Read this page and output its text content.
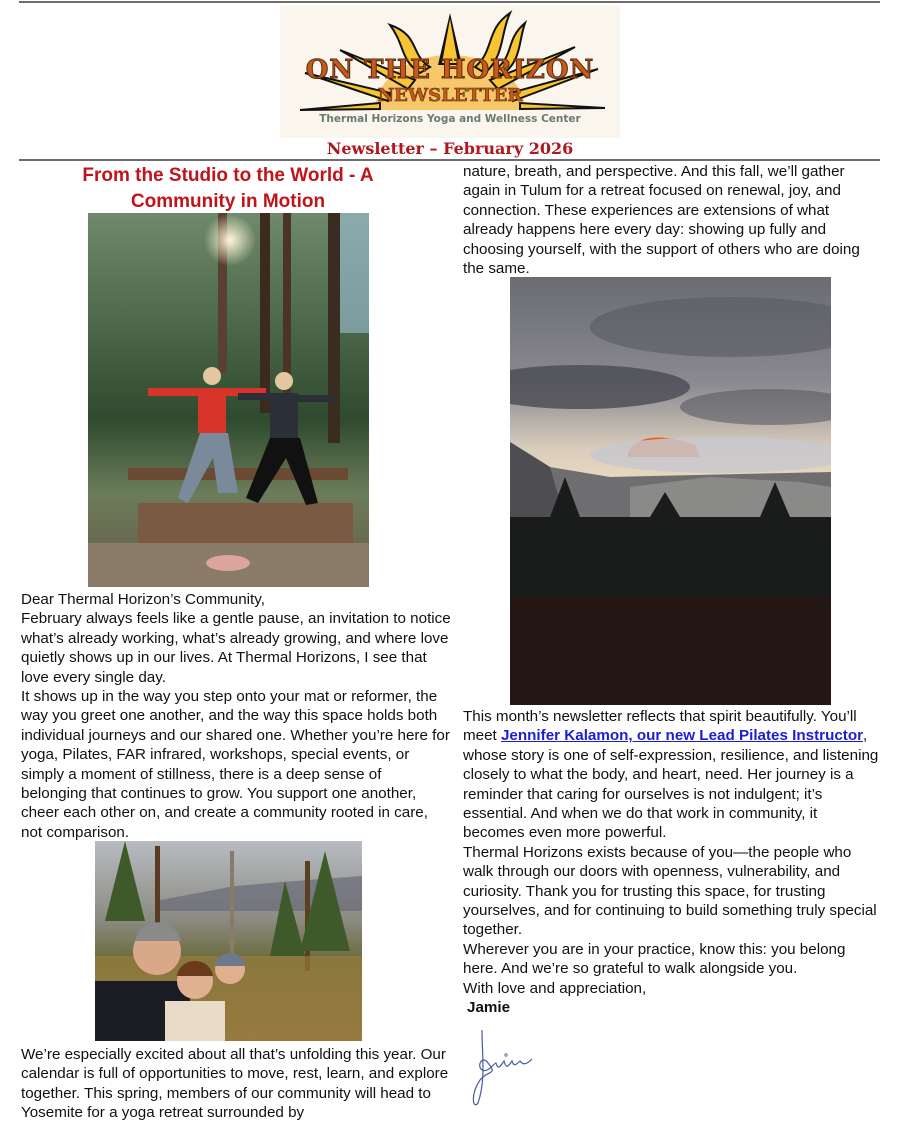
ON THE HORIZON
NEWSLETTER
Thermal Horizons Yoga and Wellness Center
Newsletter – February 2026
From the Studio to the World - A
Community in Motion

Dear Thermal Horizon’s Community,

February always feels like a gentle pause, an invitation to notice what’s already working, what’s already growing, and where love quietly shows up in our lives. At Thermal Horizons, I see that love every single day.

It shows up in the way you step onto your mat or reformer, the way you greet one another, and the way this space holds both individual journeys and our shared one. Whether you’re here for yoga, Pilates, FAR infrared, workshops, special events, or simply a moment of stillness, there is a deep sense of belonging that continues to grow. You support one another, cheer each other on, and create a community rooted in care, not comparison.

We’re especially excited about all that’s unfolding this year. Our calendar is full of opportunities to move, rest, learn, and explore together. This spring, members of our community will head to Yosemite for a yoga retreat surrounded by

nature, breath, and perspective. And this fall, we’ll gather again in Tulum for a retreat focused on renewal, joy, and connection. These experiences are extensions of what already happens here every day: showing up fully and choosing yourself, with the support of others who are doing the same.

This month’s newsletter reflects that spirit beautifully. You’ll meet Jennifer Kalamon, our new Lead Pilates Instructor, whose story is one of self-expression, resilience, and listening closely to what the body, and heart, need. Her journey is a reminder that caring for ourselves is not indulgent; it’s essential. And when we do that work in community, it becomes even more powerful.

Thermal Horizons exists because of you—the people who walk through our doors with openness, vulnerability, and curiosity. Thank you for trusting this space, for trusting yourselves, and for continuing to build something truly special together.

Wherever you are in your practice, know this: you belong here. And we’re so grateful to walk alongside you.

With love and appreciation,

Jamie
